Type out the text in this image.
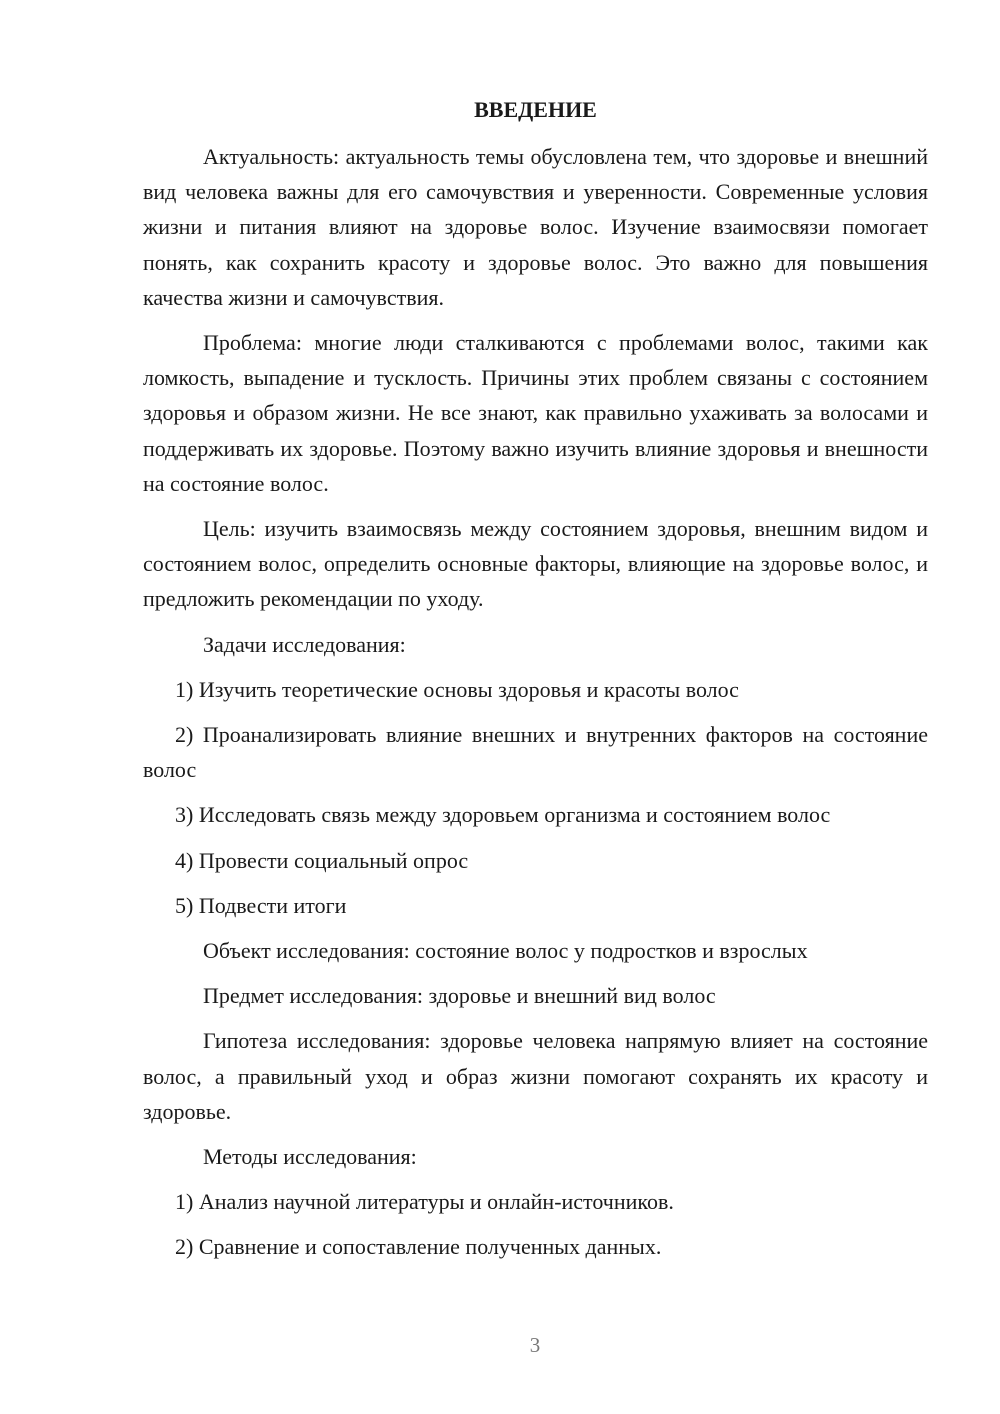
ВВЕДЕНИЕ

Актуальность: актуальность темы обусловлена тем, что здоровье и внешний вид человека важны для его самочувствия и уверенности. Современные условия жизни и питания влияют на здоровье волос. Изучение взаимосвязи помогает понять, как сохранить красоту и здоровье волос. Это важно для повышения качества жизни и самочувствия.

Проблема: многие люди сталкиваются с проблемами волос, такими как ломкость, выпадение и тусклость. Причины этих проблем связаны с состоянием здоровья и образом жизни. Не все знают, как правильно ухаживать за волосами и поддерживать их здоровье. Поэтому важно изучить влияние здоровья и внешности на состояние волос.

Цель: изучить взаимосвязь между состоянием здоровья, внешним видом и состоянием волос, определить основные факторы, влияющие на здоровье волос, и предложить рекомендации по уходу.

Задачи исследования:

1) Изучить теоретические основы здоровья и красоты волос

2) Проанализировать влияние внешних и внутренних факторов на состояние волос

3) Исследовать связь между здоровьем организма и состоянием волос

4) Провести социальный опрос

5) Подвести итоги

Объект исследования: состояние волос у подростков и взрослых

Предмет исследования: здоровье и внешний вид волос

Гипотеза исследования: здоровье человека напрямую влияет на состояние волос, а правильный уход и образ жизни помогают сохранять их красоту и здоровье.

Методы исследования:

1) Анализ научной литературы и онлайн-источников.

2) Сравнение и сопоставление полученных данных.

3
